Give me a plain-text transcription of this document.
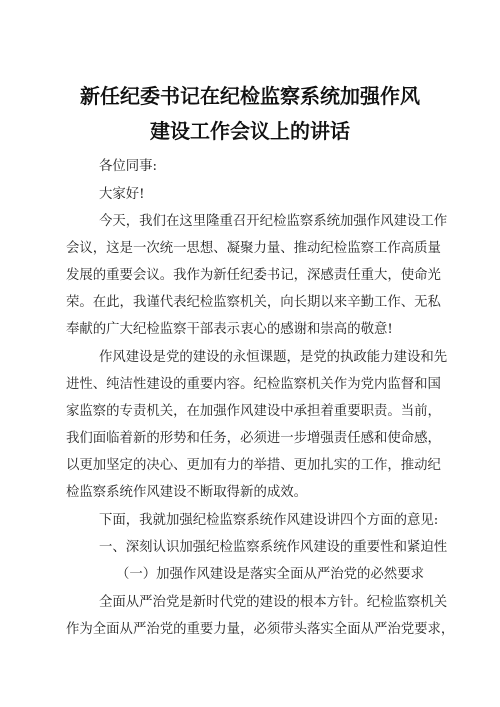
新任纪委书记在纪检监察系统加强作风
建设工作会议上的讲话
各位同事:
大家好!
今天，我们在这里隆重召开纪检监察系统加强作风建设工作
会议，这是一次统一思想、凝聚力量、推动纪检监察工作高质量
发展的重要会议。我作为新任纪委书记，深感责任重大，使命光
荣。在此，我谨代表纪检监察机关，向长期以来辛勤工作、无私
奉献的广大纪检监察干部表示衷心的感谢和崇高的敬意!
作风建设是党的建设的永恒课题，是党的执政能力建设和先
进性、纯洁性建设的重要内容。纪检监察机关作为党内监督和国
家监察的专责机关，在加强作风建设中承担着重要职责。当前，
我们面临着新的形势和任务，必须进一步增强责任感和使命感，
以更加坚定的决心、更加有力的举措、更加扎实的工作，推动纪
检监察系统作风建设不断取得新的成效。
下面，我就加强纪检监察系统作风建设讲四个方面的意见:
一、深刻认识加强纪检监察系统作风建设的重要性和紧迫性
（一）加强作风建设是落实全面从严治党的必然要求
全面从严治党是新时代党的建设的根本方针。纪检监察机关
作为全面从严治党的重要力量，必须带头落实全面从严治党要求，
